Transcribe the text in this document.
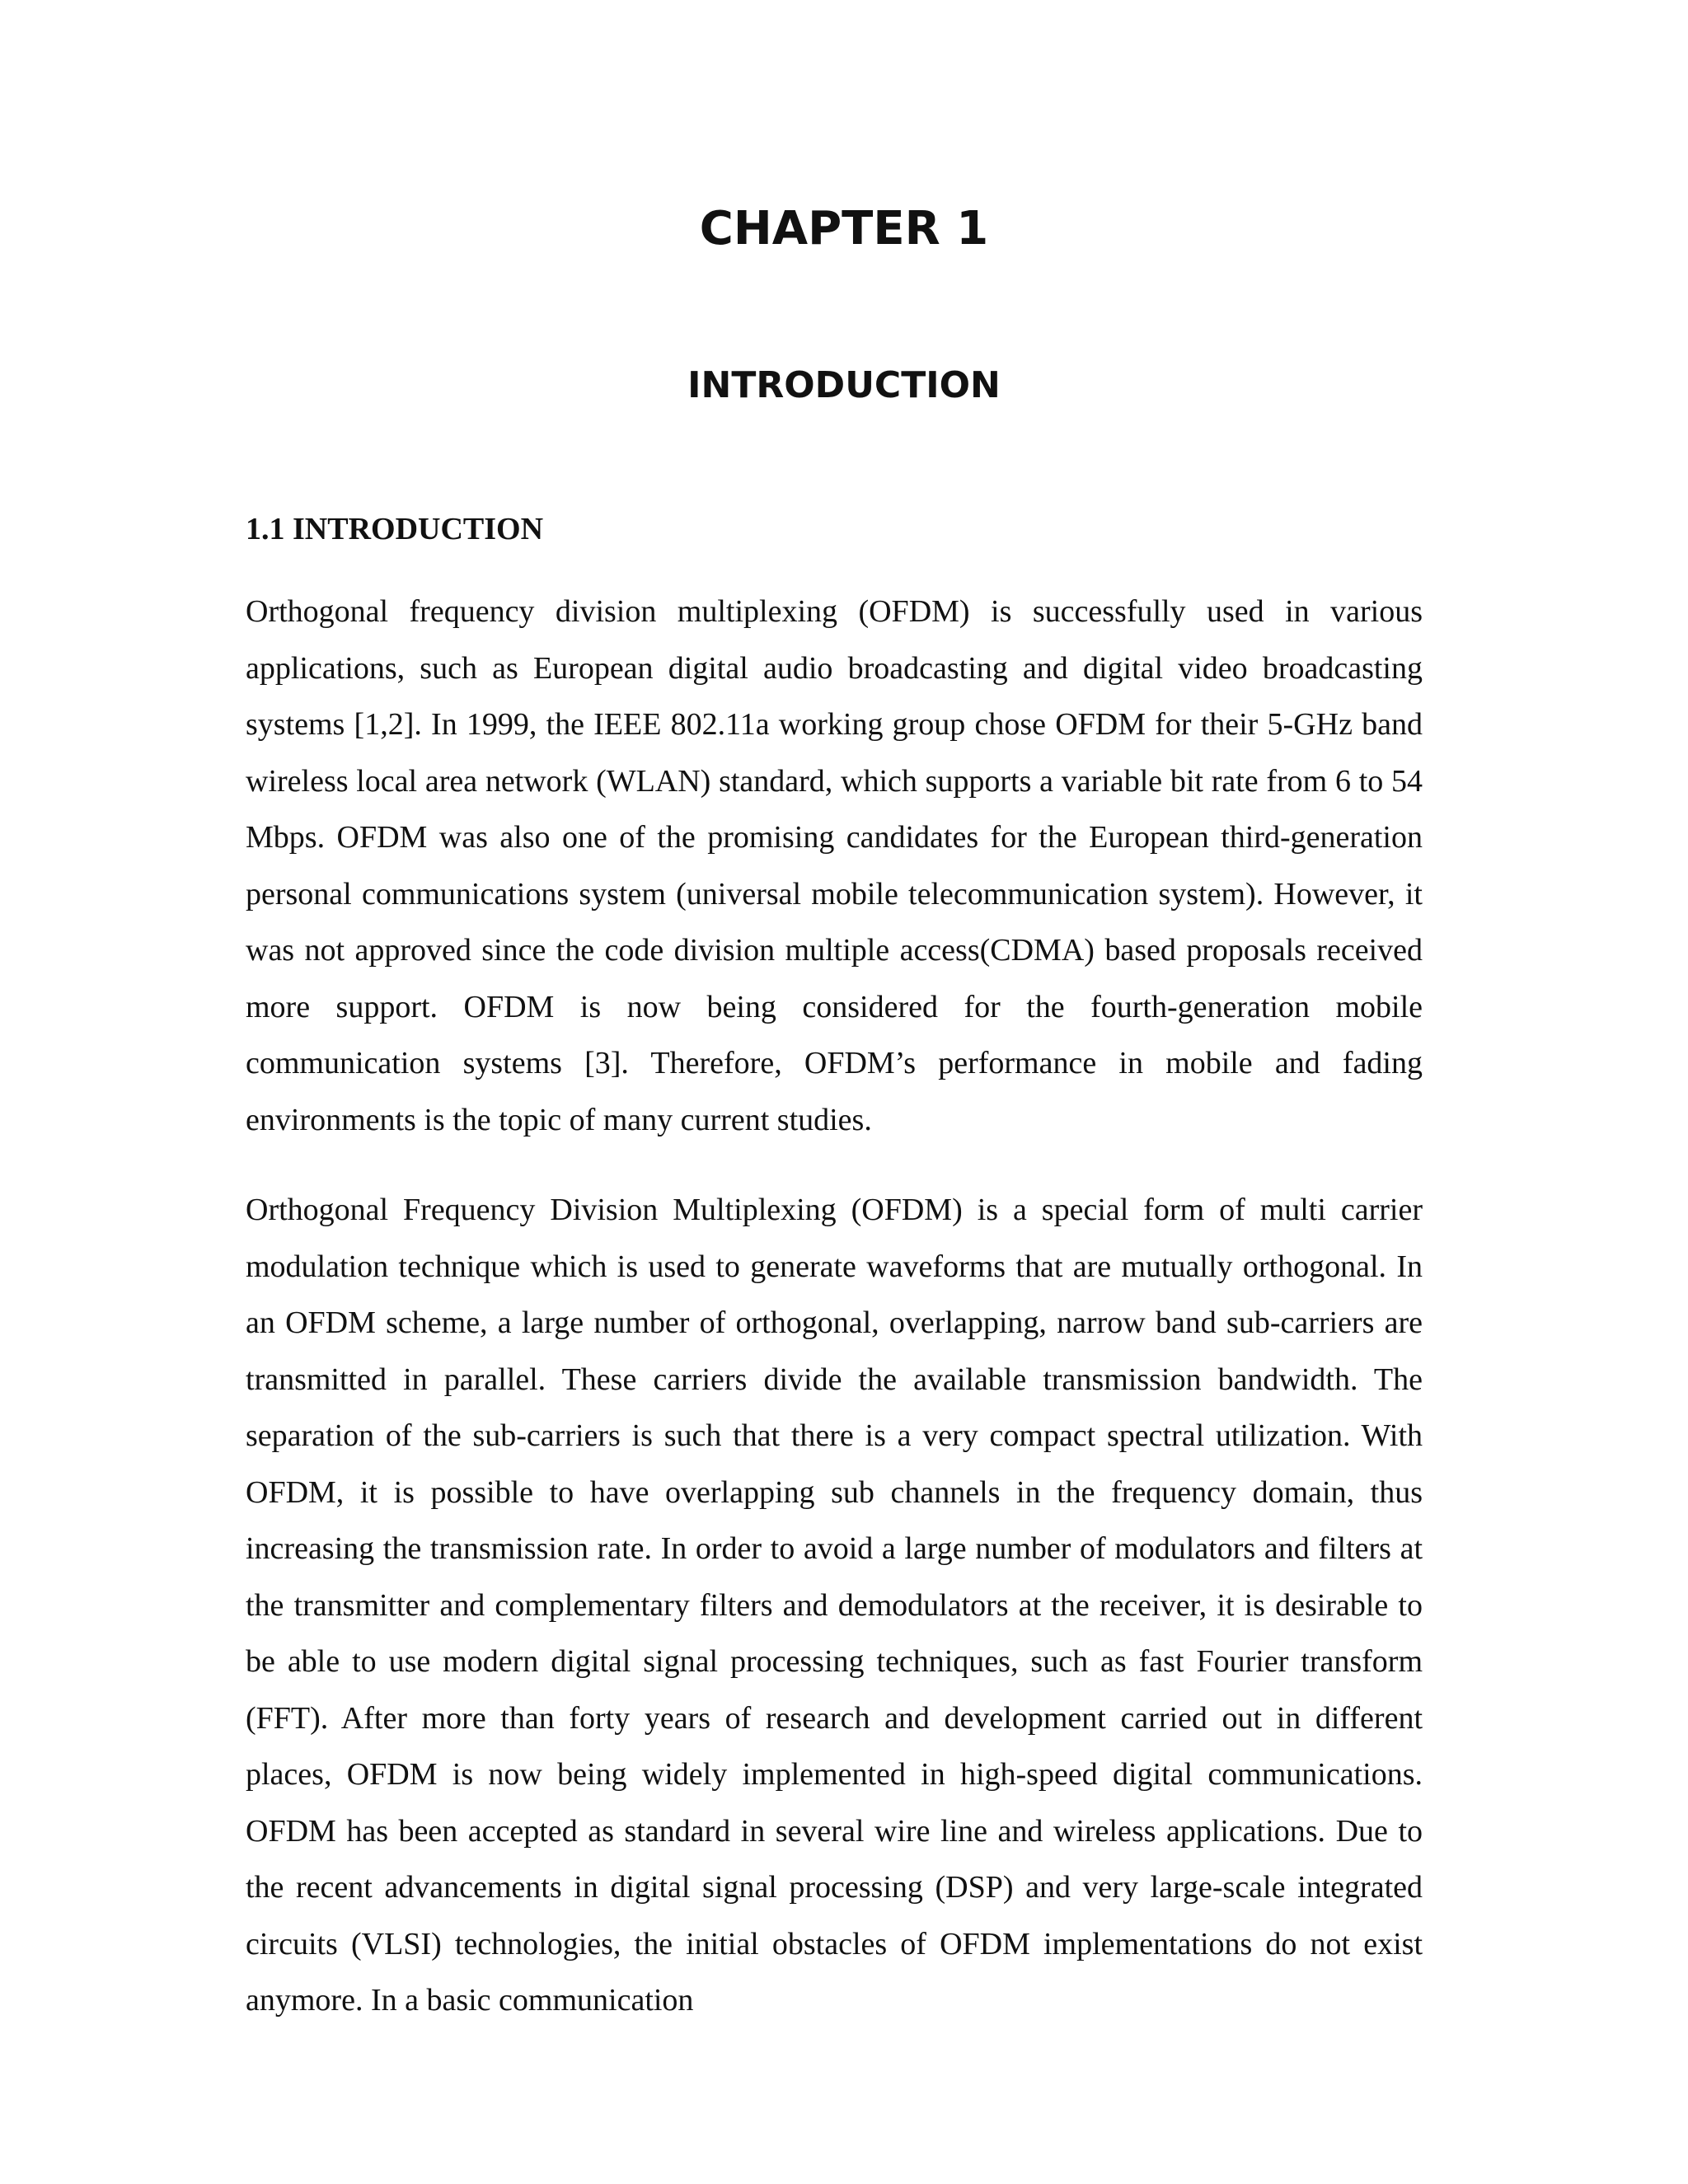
CHAPTER 1
INTRODUCTION
1.1 INTRODUCTION

Orthogonal frequency division multiplexing (OFDM) is successfully used in various applications, such as European digital audio broadcasting and digital video broadcasting systems [1,2]. In 1999, the IEEE 802.11a working group chose OFDM for their 5-GHz band wireless local area network (WLAN) standard, which supports a variable bit rate from 6 to 54 Mbps. OFDM was also one of the promising candidates for the European third-generation personal communications system (universal mobile telecommunication system). However, it was not approved since the code division multiple access(CDMA) based proposals received more support. OFDM is now being considered for the fourth-generation mobile communication systems [3]. Therefore, OFDM’s performance in mobile and fading environments is the topic of many current studies.

Orthogonal Frequency Division Multiplexing (OFDM) is a special form of multi carrier modulation technique which is used to generate waveforms that are mutually orthogonal. In an OFDM scheme, a large number of orthogonal, overlapping, narrow band sub-carriers are transmitted in parallel. These carriers divide the available transmission bandwidth. The separation of the sub-carriers is such that there is a very compact spectral utilization. With OFDM, it is possible to have overlapping sub channels in the frequency domain, thus increasing the transmission rate. In order to avoid a large number of modulators and filters at the transmitter and complementary filters and demodulators at the receiver, it is desirable to be able to use modern digital signal processing techniques, such as fast Fourier transform (FFT). After more than forty years of research and development carried out in different places, OFDM is now being widely implemented in high-speed digital communications. OFDM has been accepted as standard in several wire line and wireless applications. Due to the recent advancements in digital signal processing (DSP) and very large-scale integrated circuits (VLSI) technologies, the initial obstacles of OFDM implementations do not exist anymore. In a basic communication
